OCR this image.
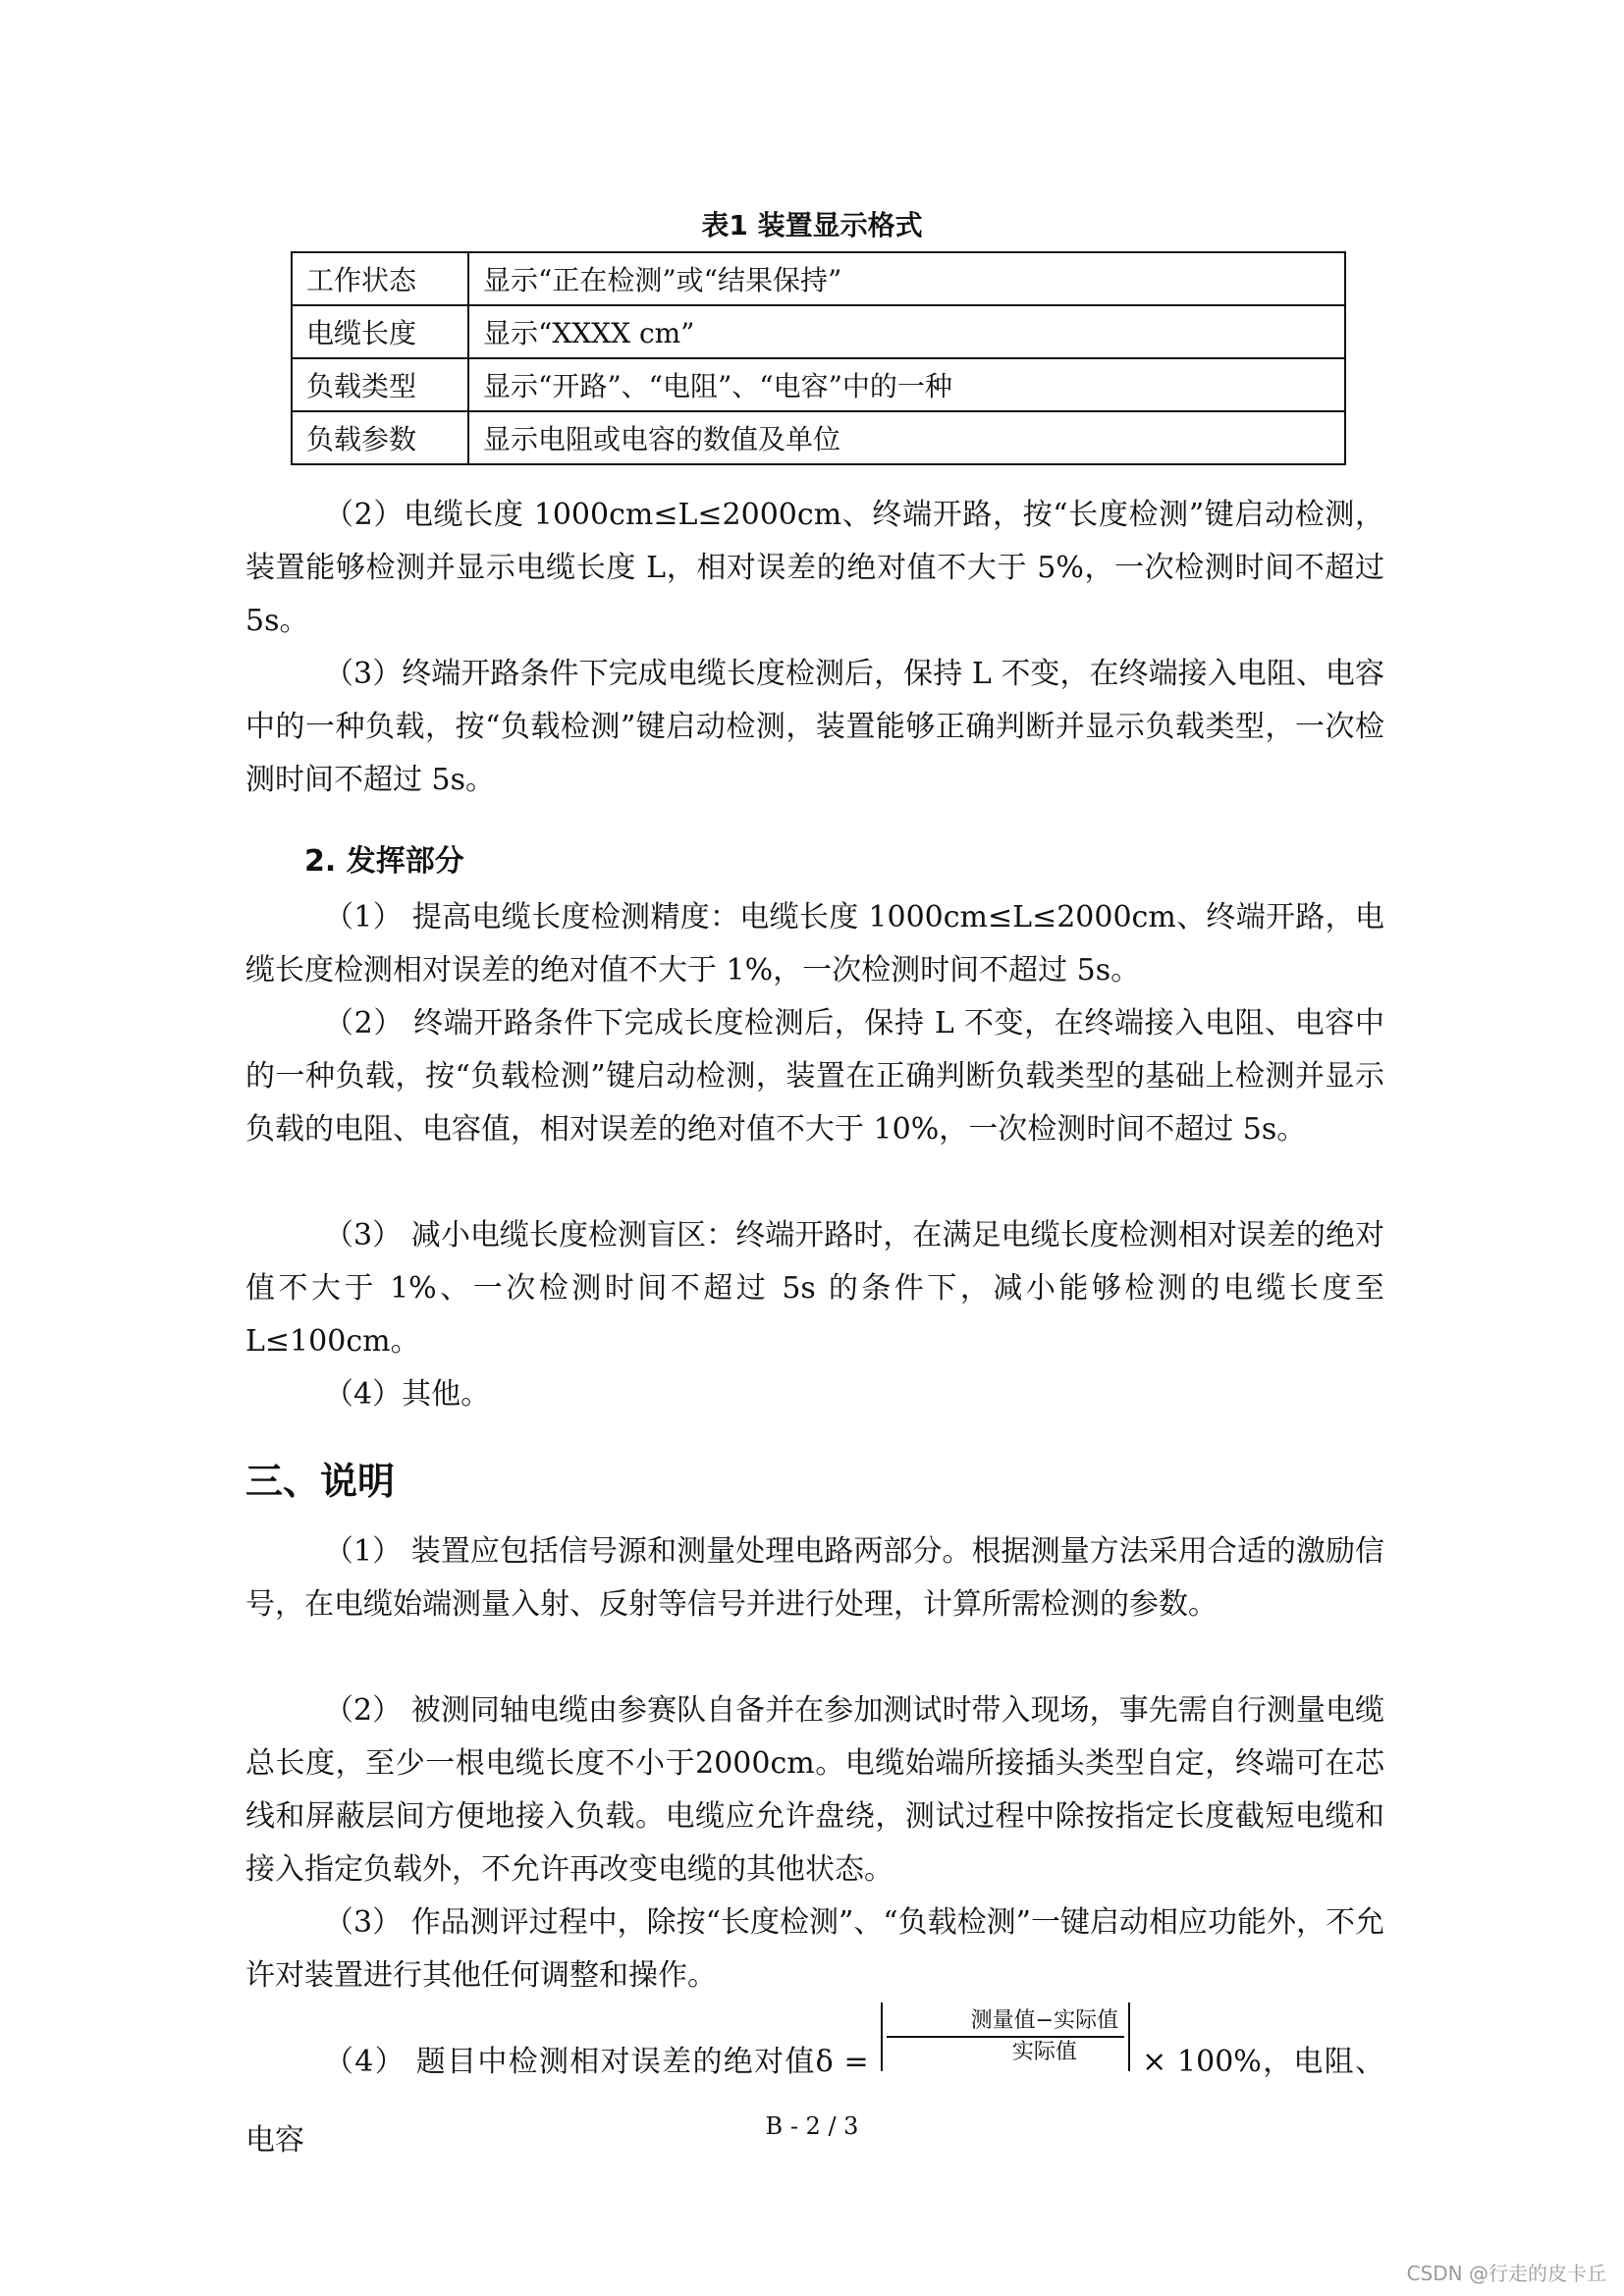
表1 装置显示格式
工作状态	显示“正在检测”或“结果保持”
电缆长度	显示“XXXX cm”
负载类型	显示“开路”、“电阻”、“电容”中的一种
负载参数	显示电阻或电容的数值及单位

（2）电缆长度 1000cm≤L≤2000cm、终端开路，按“长度检测”键启动检测，装置能够检测并显示电缆长度 L，相对误差的绝对值不大于 5%，一次检测时间不超过 5s。

（3）终端开路条件下完成电缆长度检测后，保持 L 不变，在终端接入电阻、电容中的一种负载，按“负载检测”键启动检测，装置能够正确判断并显示负载类型，一次检测时间不超过 5s。

2. 发挥部分

（1） 提高电缆长度检测精度：电缆长度 1000cm≤L≤2000cm、终端开路，电缆长度检测相对误差的绝对值不大于 1%，一次检测时间不超过 5s。

（2） 终端开路条件下完成长度检测后，保持 L 不变，在终端接入电阻、电容中的一种负载，按“负载检测”键启动检测，装置在正确判断负载类型的基础上检测并显示负载的电阻、电容值，相对误差的绝对值不大于 10%，一次检测时间不超过 5s。

（3） 减小电缆长度检测盲区：终端开路时，在满足电缆长度检测相对误差的绝对值不大于 1%、一次检测时间不超过 5s 的条件下，减小能够检测的电缆长度至 L≤100cm。

（4）其他。

三、说明

（1） 装置应包括信号源和测量处理电路两部分。根据测量方法采用合适的激励信号，在电缆始端测量入射、反射等信号并进行处理，计算所需检测的参数。

（2） 被测同轴电缆由参赛队自备并在参加测试时带入现场，事先需自行测量电缆总长度，至少一根电缆长度不小于2000cm。电缆始端所接插头类型自定，终端可在芯线和屏蔽层间方便地接入负载。电缆应允许盘绕，测试过程中除按指定长度截短电缆和接入指定负载外，不允许再改变电缆的其他状态。

（3） 作品测评过程中，除按“长度检测”、“负载检测”一键启动相应功能外，不允许对装置进行其他任何调整和操作。

（4） 题目中检测相对误差的绝对值$\delta = \frac{\text{测量值−实际值}}{\text{实际值}} \times 100\%$，电阻、电容	B - 2 / 3
CSDN @行走的皮卡丘
